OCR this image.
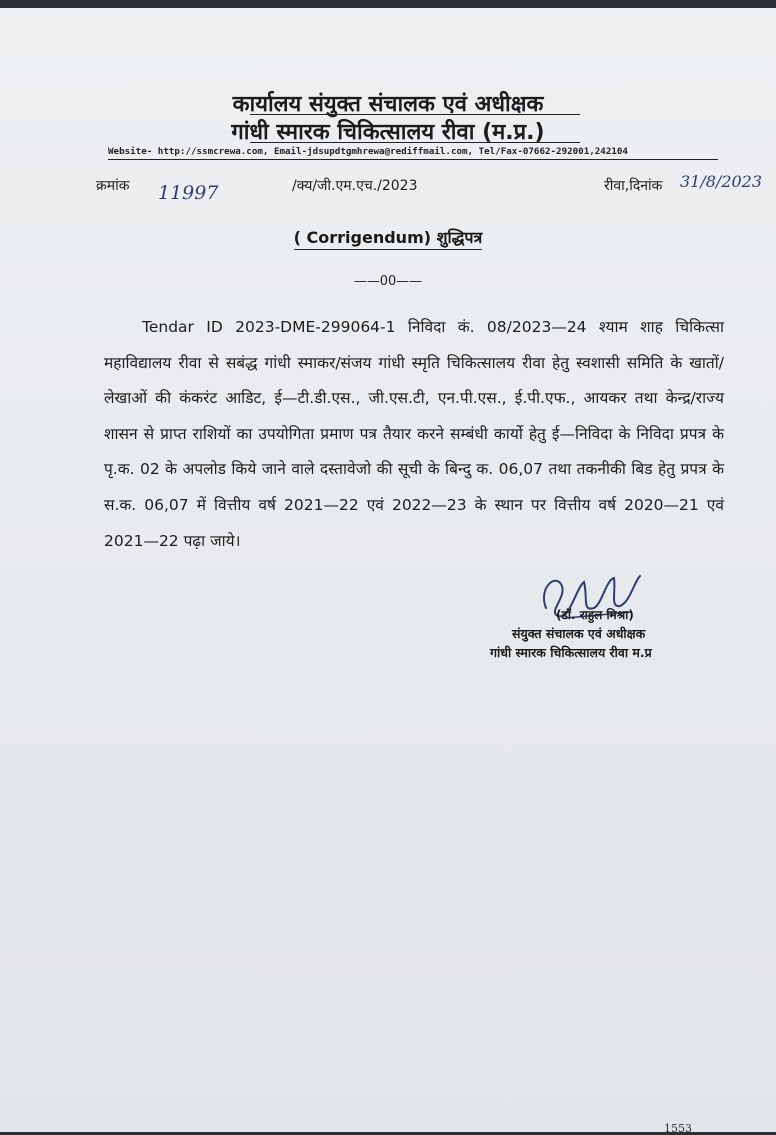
कार्यालय संयुक्त संचालक एवं अधीक्षक
गांधी स्मारक चिकित्सालय रीवा (म.प्र.)
Website- http://ssmcrewa.com, Email-jdsupdtgmhrewa@rediffmail.com, Tel/Fax-07662-292001,242104
क्रमांक 11997	/क्य/जी.एम.एच./2023	रीवा,दिनांक 31/8/2023
( Corrigendum) शुद्धिपत्र
——00——
Tendar ID 2023-DME-299064-1 निविदा कं. 08/2023—24 श्याम शाह चिकित्सा महाविद्यालय रीवा से सबंद्ध गांधी स्माकर/संजय गांधी स्मृति चिकित्सालय रीवा हेतु स्वशासी समिति के खातों/लेखाओं की कंकरंट आडिट, ई—टी.डी.एस., जी.एस.टी, एन.पी.एस., ई.पी.एफ., आयकर तथा केन्द्र/राज्य शासन से प्राप्त राशियों का उपयोगिता प्रमाण पत्र तैयार करने सम्बंधी कार्यो हेतु ई—निविदा के निविदा प्रपत्र के पृ.क. 02 के अपलोड किये जाने वाले दस्तावेजो की सूची के बिन्दु क. 06,07 तथा तकनीकी बिड हेतु प्रपत्र के स.क. 06,07 में वित्तीय वर्ष 2021—22 एवं 2022—23 के स्थान पर वित्तीय वर्ष 2020—21 एवं 2021—22 पढ़ा जाये।
(डॉ. राहुल मिश्रा)
संयुक्त संचालक एवं अधीक्षक
गांधी स्मारक चिकित्सालय रीवा म.प्र
1553
